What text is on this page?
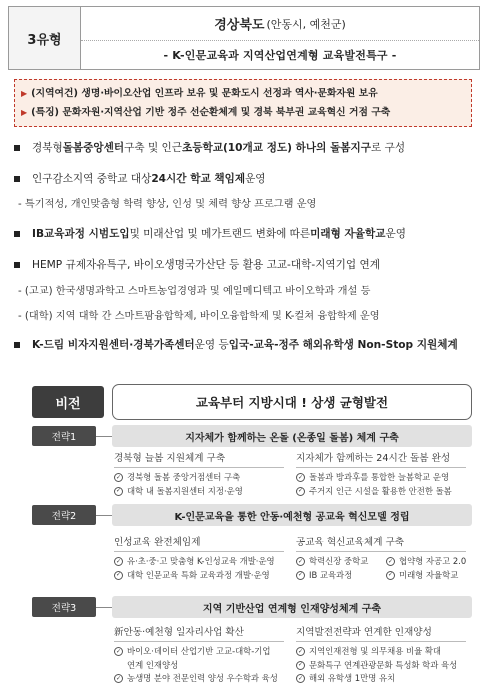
3유형
경상북도 (안동시, 예천군)
- K-인문교육과 지역산업연계형 교육발전특구 -
▶ (지역여건)
생명·바이오산업 인프라 보유 및 문화도시 선정과 역사·문화자원 보유
▶ (특징)
문화자원·지역산업 기반 정주 선순환체계 및 경북 북부권 교육혁신 거점 구축
경북형 돌봄중앙센터 구축 및 인근 초등학교(10개교 정도) 하나의 돌봄지구 로 구성
인구감소지역 중학교 대상 24시간 학교 책임제 운영
- 특기적성, 개인맞춤형 학력 향상, 인성 및 체력 향상 프로그램 운영
IB교육과정 시범도입 및 미래산업 및 메가트랜드 변화에 따른 미래형 자율학교 운영
HEMP 규제자유특구, 바이오생명국가산단 등 활용 고교-대학-지역기업 연계
- (고교) 한국생명과학고 스마트농업경영과 및 예일메디텍고 바이오학과 개설 등
- (대학) 지역 대학 간 스마트팜융합학제, 바이오융합학제 및 K-컬쳐 융합학제 운영
K-드림 비자지원센터·경북가족센터 운영 등 입국-교육-정주 해외유학생 Non-Stop 지원체계
비전	교육부터 지방시대 ! 상생 균형발전
전략1	지자체가 함께하는 온돌 (온종일 돌봄) 체계 구축
경북형 늘봄 지원체계 구축
✓ 경북형 돌봄 중앙거점센터 구축
✓ 대학 내 돌봄지원센터 지정·운영
지자체가 함께하는 24시간 돌봄 완성
✓ 돌봄과 방과후를 통합한 늘봄학교 운영
✓ 주거지 인근 시설을 활용한 안전한 돌봄
전략2	K-인문교육을 통한 안동·예천형 공교육 혁신모델 정립
인성교육 완전체임제
✓ 유·초·중·고 맞춤형 K-인성교육 개발·운영
✓ 대학 인문교육 특화 교육과정 개발·운영
공교육 혁신교육체계 구축
✓ 학력신장 중학교	✓ 협약형 자공고 2.0
✓ IB 교육과정	✓ 미래형 자율학교
전략3	지역 기반산업 연계형 인재양성체계 구축
新안동·예천형 일자리사업 확산
✓ 바이오·데이터 산업기반 고교-대학-기업
연계 인재양성
✓ 농생명 분야 전문인력 양성 우수학과 육성
지역발전전략과 연계한 인재양성
✓ 지역인재전형 및 의무채용 비율 확대
✓ 문화특구 연계관광문화 특성화 학과 육성
✓ 해외 유학생 1만명 유치
